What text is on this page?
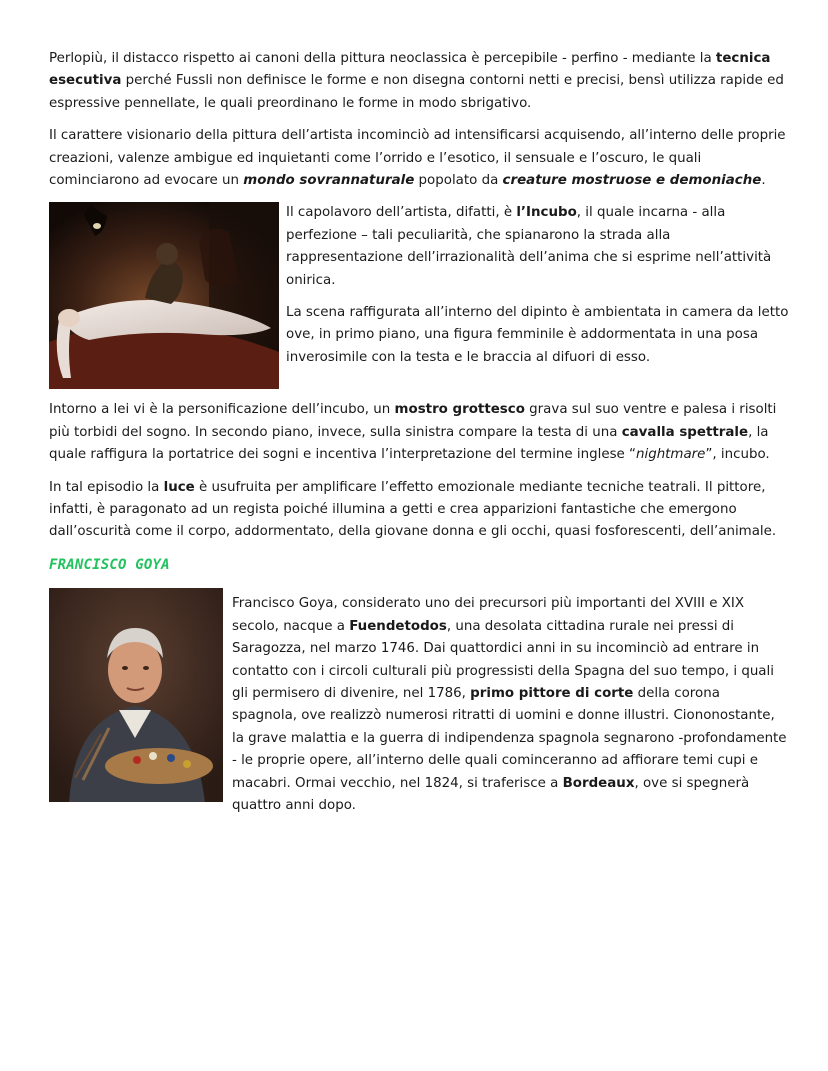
Perlopiù, il distacco rispetto ai canoni della pittura neoclassica è percepibile - perfino - mediante la tecnica esecutiva perché Fussli non definisce le forme e non disegna contorni netti e precisi, bensì utilizza rapide ed espressive pennellate, le quali preordinano le forme in modo sbrigativo.

Il carattere visionario della pittura dell’artista incominciò ad intensificarsi acquisendo, all’interno delle proprie creazioni, valenze ambigue ed inquietanti come l’orrido e l’esotico, il sensuale e l’oscuro, le quali cominciarono ad evocare un mondo sovrannaturale popolato da creature mostruose e demoniache.

Il capolavoro dell’artista, difatti, è l’Incubo, il quale incarna - alla perfezione – tali peculiarità, che spianarono la strada alla rappresentazione dell’irrazionalità dell’anima che si esprime nell’attività onirica.

La scena raffigurata all’interno del dipinto è ambientata in camera da letto ove, in primo piano, una figura femminile è addormentata in una posa inverosimile con la testa e le braccia al difuori di esso.

Intorno a lei vi è la personificazione dell’incubo, un mostro grottesco grava sul suo ventre e palesa i risolti più torbidi del sogno. In secondo piano, invece, sulla sinistra compare la testa di una cavalla spettrale, la quale raffigura la portatrice dei sogni e incentiva l’interpretazione del termine inglese “nightmare”, incubo.

In tal episodio la luce è usufruita per amplificare l’effetto emozionale mediante tecniche teatrali. Il pittore, infatti, è paragonato ad un regista poiché illumina a getti e crea apparizioni fantastiche che emergono dall’oscurità come il corpo, addormentato, della giovane donna e gli occhi, quasi fosforescenti, dell’animale.

FRANCISCO GOYA

Francisco Goya, considerato uno dei precursori più importanti del XVIII e XIX secolo, nacque a Fuendetodos, una desolata cittadina rurale nei pressi di Saragozza, nel marzo 1746. Dai quattordici anni in su incominciò ad entrare in contatto con i circoli culturali più progressisti della Spagna del suo tempo, i quali gli permisero di divenire, nel 1786, primo pittore di corte della corona spagnola, ove realizzò numerosi ritratti di uomini e donne illustri. Ciononostante, la grave malattia e la guerra di indipendenza spagnola segnarono -profondamente - le proprie opere, all’interno delle quali cominceranno ad affiorare temi cupi e macabri. Ormai vecchio, nel 1824, si traferisce a Bordeaux, ove si spegnerà quattro anni dopo.
